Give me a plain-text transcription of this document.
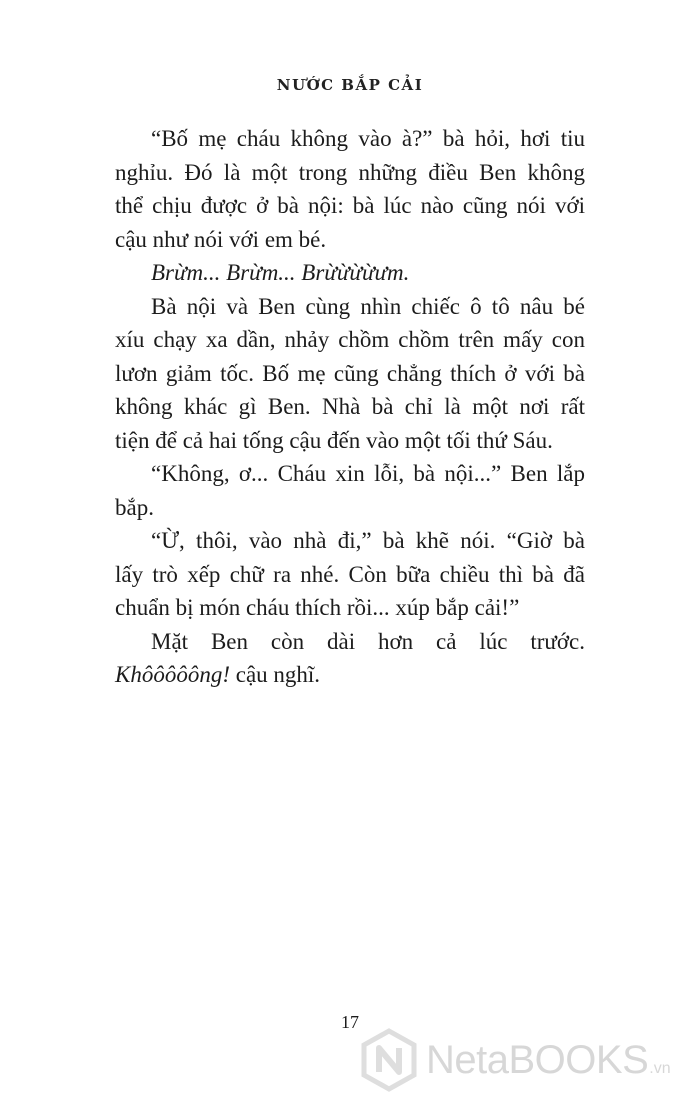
NƯỚC BẮP CẢI
“Bố mẹ cháu không vào à?” bà hỏi, hơi tiu
nghỉu. Đó là một trong những điều Ben không
thể chịu được ở bà nội: bà lúc nào cũng nói với
cậu như nói với em bé.
Brừm... Brừm... Brừừừừưm.
Bà nội và Ben cùng nhìn chiếc ô tô nâu bé
xíu chạy xa dần, nhảy chồm chồm trên mấy con
lươn giảm tốc. Bố mẹ cũng chẳng thích ở với bà
không khác gì Ben. Nhà bà chỉ là một nơi rất
tiện để cả hai tống cậu đến vào một tối thứ Sáu.
“Không, ơ... Cháu xin lỗi, bà nội...” Ben lắp
bắp.
“Ừ, thôi, vào nhà đi,” bà khẽ nói. “Giờ bà
lấy trò xếp chữ ra nhé. Còn bữa chiều thì bà đã
chuẩn bị món cháu thích rồi... xúp bắp cải!”
Mặt Ben còn dài hơn cả lúc trước.
Khôôôôông! cậu nghĩ.
17
NetaBOOKS .vn
